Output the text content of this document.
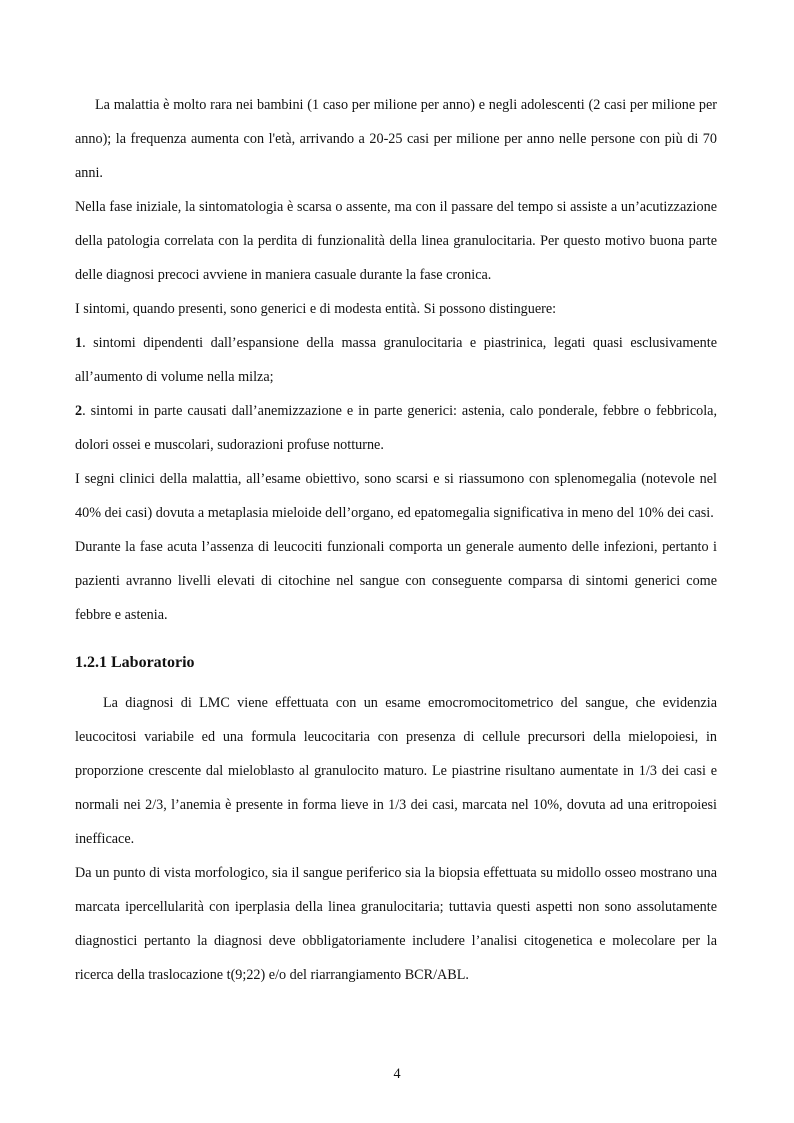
La malattia è molto rara nei bambini (1 caso per milione per anno) e negli adolescenti (2 casi per milione per anno); la frequenza aumenta con l'età, arrivando a 20-25 casi per milione per anno nelle persone con più di 70 anni.

Nella fase iniziale, la sintomatologia è scarsa o assente, ma con il passare del tempo si assiste a un’acutizzazione della patologia correlata con la perdita di funzionalità della linea granulocitaria. Per questo motivo buona parte delle diagnosi precoci avviene in maniera casuale durante la fase cronica.

I sintomi, quando presenti, sono generici e di modesta entità. Si possono distinguere:

1. sintomi dipendenti dall’espansione della massa granulocitaria e piastrinica, legati quasi esclusivamente all’aumento di volume nella milza;

2. sintomi in parte causati dall’anemizzazione e in parte generici: astenia, calo ponderale, febbre o febbricola, dolori ossei e muscolari, sudorazioni profuse notturne.

I segni clinici della malattia, all’esame obiettivo, sono scarsi e si riassumono con splenomegalia (notevole nel 40% dei casi) dovuta a metaplasia mieloide dell’organo, ed epatomegalia significativa in meno del 10% dei casi.

Durante la fase acuta l’assenza di leucociti funzionali comporta un generale aumento delle infezioni, pertanto i pazienti avranno livelli elevati di citochine nel sangue con conseguente comparsa di sintomi generici come febbre e astenia.

1.2.1 Laboratorio

La diagnosi di LMC viene effettuata con un esame emocromocitometrico del sangue, che evidenzia leucocitosi variabile ed una formula leucocitaria con presenza di cellule precursori della mielopoiesi, in proporzione crescente dal mieloblasto al granulocito maturo. Le piastrine risultano aumentate in 1/3 dei casi e normali nei 2/3, l’anemia è presente in forma lieve in 1/3 dei casi, marcata nel 10%, dovuta ad una eritropoiesi inefficace.

Da un punto di vista morfologico, sia il sangue periferico sia la biopsia effettuata su midollo osseo mostrano una marcata ipercellularità con iperplasia della linea granulocitaria; tuttavia questi aspetti non sono assolutamente diagnostici pertanto la diagnosi deve obbligatoriamente includere l’analisi citogenetica e molecolare per la ricerca della traslocazione t(9;22) e/o del riarrangiamento BCR/ABL.

4
